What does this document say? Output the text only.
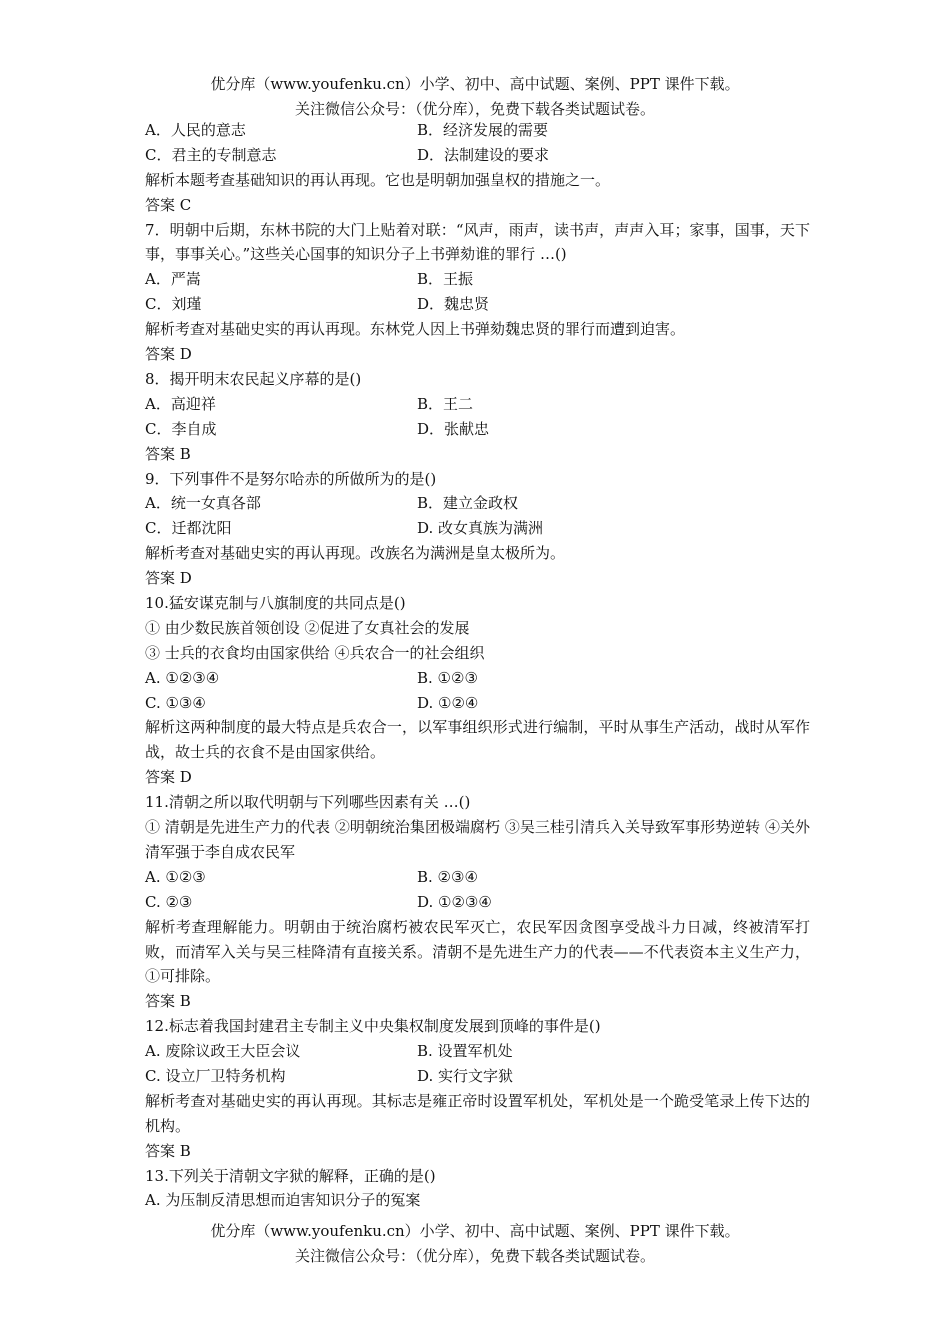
优分库（www.youfenku.cn）小学、初中、高中试题、案例、PPT 课件下载。
关注微信公众号：（优分库），免费下载各类试题试卷。
A．人民的意志	B．经济发展的需要
C．君主的专制意志	D．法制建设的要求
解析本题考查基础知识的再认再现。它也是明朝加强皇权的措施之一。
答案 C
7．明朝中后期，东林书院的大门上贴着对联：“风声，雨声，读书声，声声入耳；家事，国事，天下事，事事关心。”这些关心国事的知识分子上书弹劾谁的罪行 …()
A．严嵩	B．王振
C．刘瑾	D．魏忠贤
解析考查对基础史实的再认再现。东林党人因上书弹劾魏忠贤的罪行而遭到迫害。
答案 D
8．揭开明末农民起义序幕的是()
A．高迎祥	B．王二
C．李自成	D．张献忠
答案 B
9．下列事件不是努尔哈赤的所做所为的是()
A．统一女真各部	B．建立金政权
C．迁都沈阳	D. 改女真族为满洲
解析考查对基础史实的再认再现。改族名为满洲是皇太极所为。
答案 D
10.猛安谋克制与八旗制度的共同点是()
① 由少数民族首领创设 ②促进了女真社会的发展
③ 士兵的衣食均由国家供给 ④兵农合一的社会组织
A. ①②③④	B. ①②③
C. ①③④	D. ①②④
解析这两种制度的最大特点是兵农合一，以军事组织形式进行编制，平时从事生产活动，战时从军作战，故士兵的衣食不是由国家供给。
答案 D
11.清朝之所以取代明朝与下列哪些因素有关 …()
① 清朝是先进生产力的代表 ②明朝统治集团极端腐朽 ③吴三桂引清兵入关导致军事形势逆转 ④关外清军强于李自成农民军
A. ①②③	B. ②③④
C. ②③	D. ①②③④
解析考查理解能力。明朝由于统治腐朽被农民军灭亡，农民军因贪图享受战斗力日减，终被清军打败，而清军入关与吴三桂降清有直接关系。清朝不是先进生产力的代表——不代表资本主义生产力，①可排除。
答案 B
12.标志着我国封建君主专制主义中央集权制度发展到顶峰的事件是()
A. 废除议政王大臣会议	B. 设置军机处
C. 设立厂卫特务机构	D. 实行文字狱
解析考查对基础史实的再认再现。其标志是雍正帝时设置军机处，军机处是一个跪受笔录上传下达的机构。
答案 B
13.下列关于清朝文字狱的解释，正确的是()
A. 为压制反清思想而迫害知识分子的冤案
优分库（www.youfenku.cn）小学、初中、高中试题、案例、PPT 课件下载。
关注微信公众号：（优分库），免费下载各类试题试卷。
